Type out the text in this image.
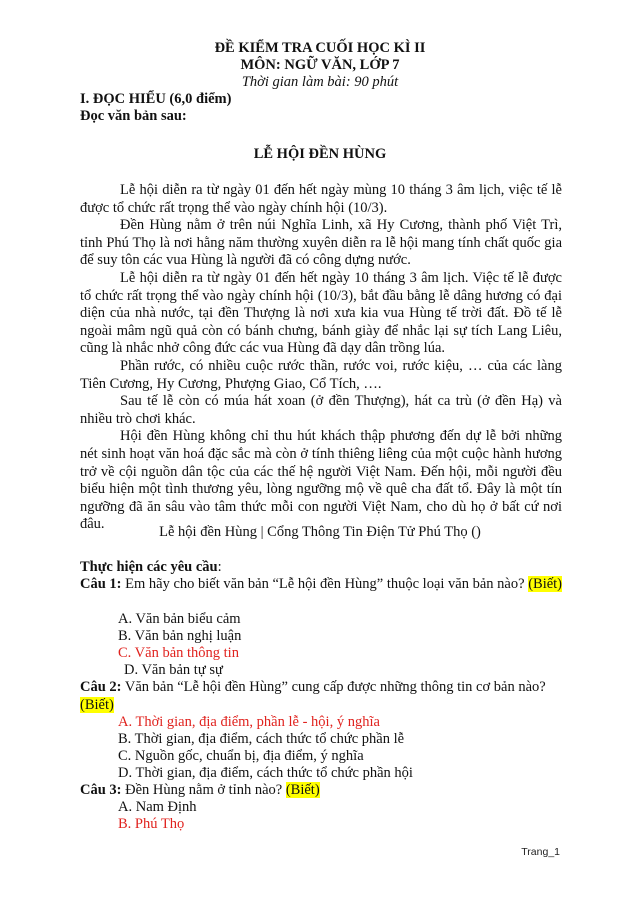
ĐỀ KIỂM TRA CUỐI HỌC KÌ II
MÔN: NGỮ VĂN, LỚP 7
Thời gian làm bài: 90 phút
I. ĐỌC HIỂU (6,0 điểm)
Đọc văn bản sau:
LỄ HỘI ĐỀN HÙNG

Lễ hội diễn ra từ ngày 01 đến hết ngày mùng 10 tháng 3 âm lịch, việc tế lễ được tổ chức rất trọng thể vào ngày chính hội (10/3).

Đền Hùng nằm ở trên núi Nghĩa Linh, xã Hy Cương, thành phố Việt Trì, tỉnh Phú Thọ là nơi hằng năm thường xuyên diễn ra lễ hội mang tính chất quốc gia để suy tôn các vua Hùng là người đã có công dựng nước.

Lễ hội diễn ra từ ngày 01 đến hết ngày 10 tháng 3 âm lịch. Việc tế lễ được tổ chức rất trọng thể vào ngày chính hội (10/3), bắt đầu bằng lễ dâng hương có đại diện của nhà nước, tại đền Thượng là nơi xưa kia vua Hùng tế trời đất. Đồ tế lễ ngoài mâm ngũ quả còn có bánh chưng, bánh giày để nhắc lại sự tích Lang Liêu, cũng là nhắc nhở công đức các vua Hùng đã dạy dân trồng lúa.

Phần rước, có nhiều cuộc rước thần, rước voi, rước kiệu, … của các làng Tiên Cương, Hy Cương, Phượng Giao, Cổ Tích, ….

Sau tế lễ còn có múa hát xoan (ở đền Thượng), hát ca trù (ở đền Hạ) và nhiều trò chơi khác.

Hội đền Hùng không chỉ thu hút khách thập phương đến dự lễ bởi những nét sinh hoạt văn hoá đặc sắc mà còn ở tính thiêng liêng của một cuộc hành hương trở về cội nguồn dân tộc của các thế hệ người Việt Nam. Đến hội, mỗi người đều biểu hiện một tình thương yêu, lòng ngưỡng mộ về quê cha đất tổ. Đây là một tín ngưỡng đã ăn sâu vào tâm thức mỗi con người Việt Nam, cho dù họ ở bất cứ nơi đâu.	Lễ hội đền Hùng | Cổng Thông Tin Điện Tử Phú Thọ ()
Thực hiện các yêu cầu:
Câu 1: Em hãy cho biết văn bản “Lễ hội đền Hùng” thuộc loại văn bản nào? (Biết)
A. Văn bản biểu cảm
B. Văn bản nghị luận
C. Văn bản thông tin
D. Văn bản tự sự
Câu 2: Văn bản “Lễ hội đền Hùng” cung cấp được những thông tin cơ bản nào? (Biết)
A. Thời gian, địa điểm, phần lễ - hội, ý nghĩa
B. Thời gian, địa điểm, cách thức tổ chức phần lễ
C. Nguồn gốc, chuẩn bị, địa điểm, ý nghĩa
D. Thời gian, địa điểm, cách thức tổ chức phần hội
Câu 3: Đền Hùng nằm ở tỉnh nào? (Biết)
A. Nam Định
B. Phú Thọ
Trang_1
